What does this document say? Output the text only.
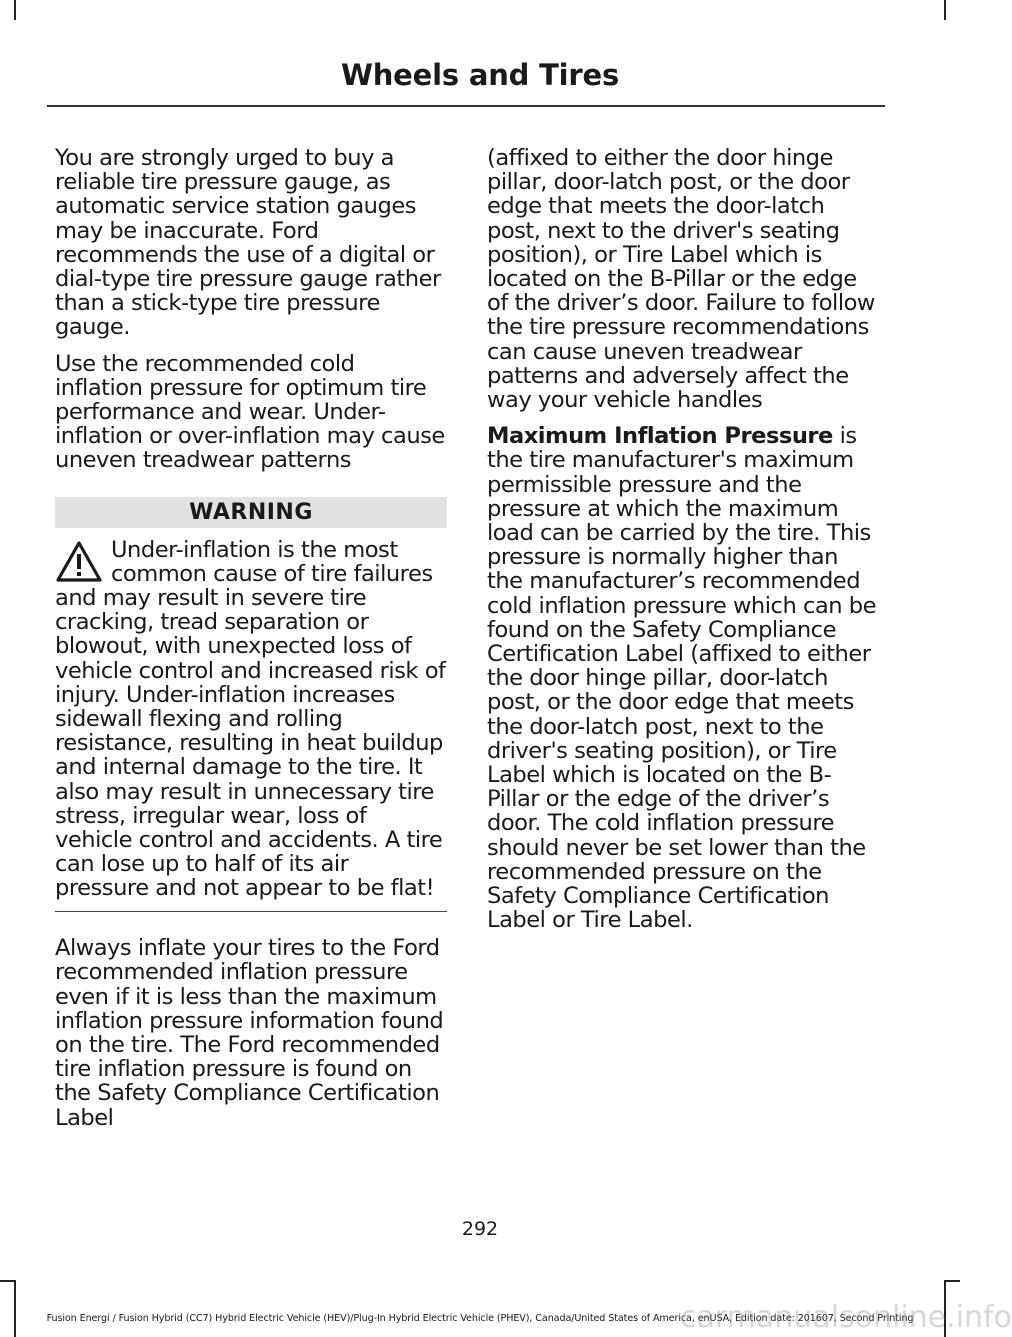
Wheels and Tires

You are strongly urged to buy a reliable tire pressure gauge, as automatic service station gauges may be inaccurate. Ford recommends the use of a digital or dial-type tire pressure gauge rather than a stick-type tire pressure gauge.

Use the recommended cold inflation pressure for optimum tire performance and wear. Under-inflation or over-inflation may cause uneven treadwear patterns

WARNING
Under-inflation is the most common cause of tire failures and may result in severe tire cracking, tread separation or blowout, with unexpected loss of vehicle control and increased risk of injury. Under-inflation increases sidewall flexing and rolling resistance, resulting in heat buildup and internal damage to the tire. It also may result in unnecessary tire stress, irregular wear, loss of vehicle control and accidents. A tire can lose up to half of its air pressure and not appear to be flat!

Always inflate your tires to the Ford recommended inflation pressure even if it is less than the maximum inflation pressure information found on the tire. The Ford recommended tire inflation pressure is found on the Safety Compliance Certification Label

(affixed to either the door hinge pillar, door-latch post, or the door edge that meets the door-latch post, next to the driver's seating position), or Tire Label which is located on the B-Pillar or the edge of the driver’s door. Failure to follow the tire pressure recommendations can cause uneven treadwear patterns and adversely affect the way your vehicle handles

Maximum Inflation Pressure is the tire manufacturer's maximum permissible pressure and the pressure at which the maximum load can be carried by the tire. This pressure is normally higher than the manufacturer’s recommended cold inflation pressure which can be found on the Safety Compliance Certification Label (affixed to either the door hinge pillar, door-latch post, or the door edge that meets the door-latch post, next to the driver's seating position), or Tire Label which is located on the B-Pillar or the edge of the driver’s door. The cold inflation pressure should never be set lower than the recommended pressure on the Safety Compliance Certification Label or Tire Label.

292
Fusion Energi / Fusion Hybrid (CC7) Hybrid Electric Vehicle (HEV)/Plug-In Hybrid Electric Vehicle (PHEV), Canada/United States of America, enUSA, Edition date: 201607, Second Printing
carmanualsonline.info
